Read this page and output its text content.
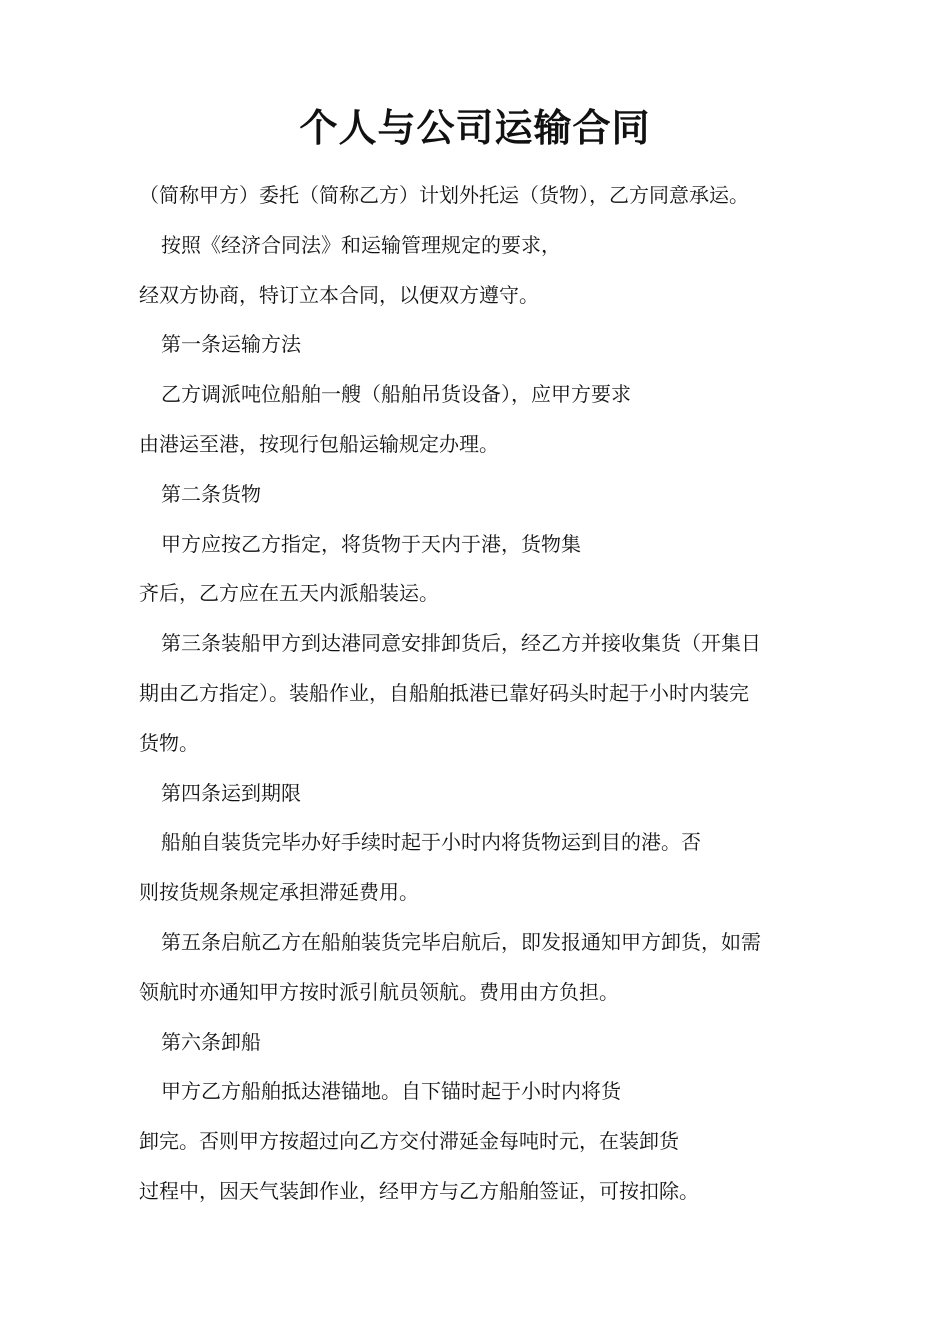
个人与公司运输合同
（简称甲方）委托（简称乙方）计划外托运（货物），乙方同意承运。
按照《经济合同法》和运输管理规定的要求，
经双方协商，特订立本合同，以便双方遵守。
第一条运输方法
乙方调派吨位船舶一艘（船舶吊货设备），应甲方要求
由港运至港，按现行包船运输规定办理。
第二条货物
甲方应按乙方指定，将货物于天内于港，货物集
齐后，乙方应在五天内派船装运。
第三条装船甲方到达港同意安排卸货后，经乙方并接收集货（开集日
期由乙方指定）。装船作业，自船舶抵港已靠好码头时起于小时内装完
货物。
第四条运到期限
船舶自装货完毕办好手续时起于小时内将货物运到目的港。否
则按货规条规定承担滞延费用。
第五条启航乙方在船舶装货完毕启航后，即发报通知甲方卸货，如需
领航时亦通知甲方按时派引航员领航。费用由方负担。
第六条卸船
甲方乙方船舶抵达港锚地。自下锚时起于小时内将货
卸完。否则甲方按超过向乙方交付滞延金每吨时元，在装卸货
过程中，因天气装卸作业，经甲方与乙方船舶签证，可按扣除。
